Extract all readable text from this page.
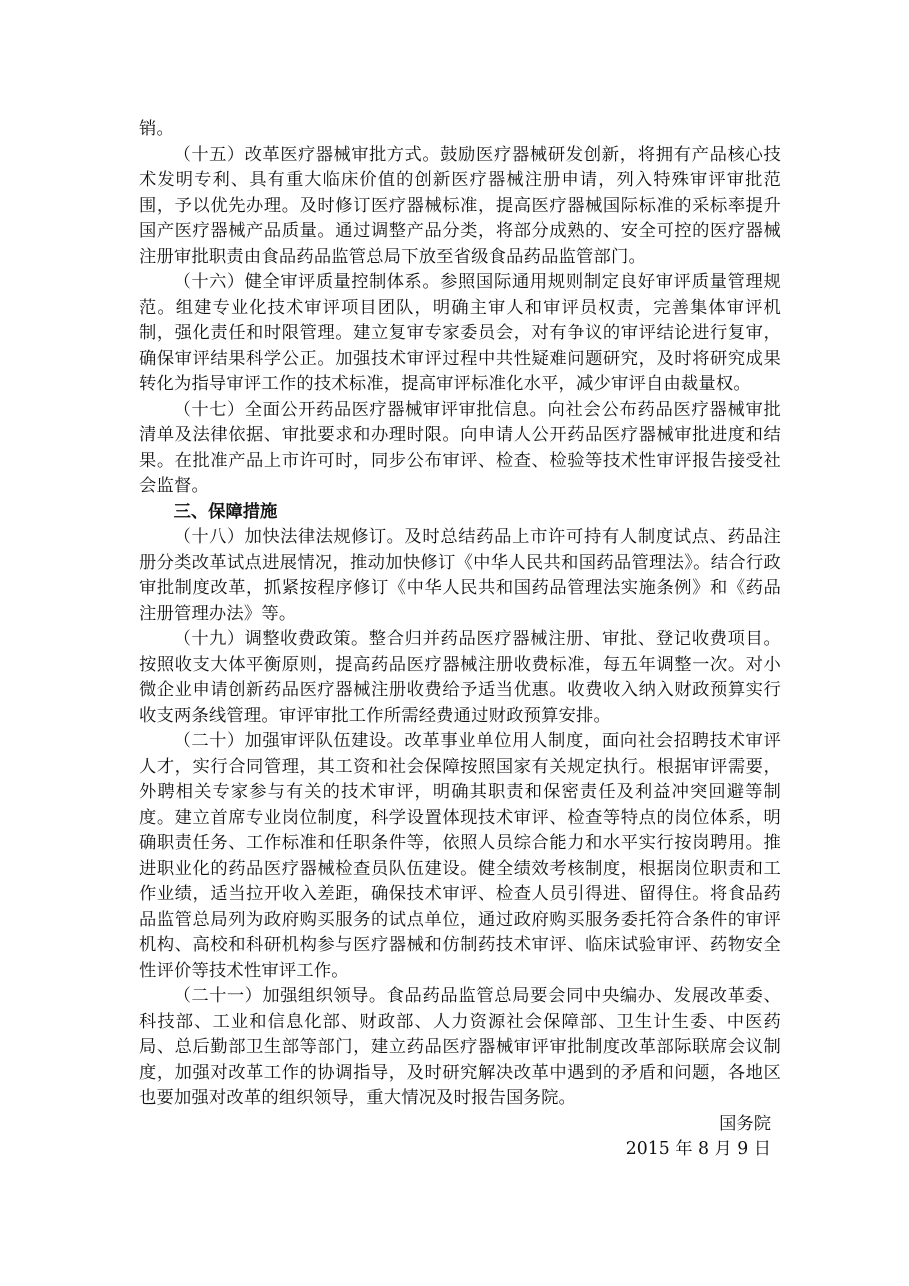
销。

（十五）改革医疗器械审批方式。鼓励医疗器械研发创新，将拥有产品核心技术发明专利、具有重大临床价值的创新医疗器械注册申请，列入特殊审评审批范围，予以优先办理。及时修订医疗器械标准，提高医疗器械国际标准的采标率提升国产医疗器械产品质量。通过调整产品分类，将部分成熟的、安全可控的医疗器械注册审批职责由食品药品监管总局下放至省级食品药品监管部门。

（十六）健全审评质量控制体系。参照国际通用规则制定良好审评质量管理规范。组建专业化技术审评项目团队，明确主审人和审评员权责，完善集体审评机制，强化责任和时限管理。建立复审专家委员会，对有争议的审评结论进行复审，确保审评结果科学公正。加强技术审评过程中共性疑难问题研究，及时将研究成果转化为指导审评工作的技术标准，提高审评标准化水平，减少审评自由裁量权。

（十七）全面公开药品医疗器械审评审批信息。向社会公布药品医疗器械审批清单及法律依据、审批要求和办理时限。向申请人公开药品医疗器械审批进度和结果。在批准产品上市许可时，同步公布审评、检查、检验等技术性审评报告接受社会监督。

三、保障措施

（十八）加快法律法规修订。及时总结药品上市许可持有人制度试点、药品注册分类改革试点进展情况，推动加快修订《中华人民共和国药品管理法》。结合行政审批制度改革，抓紧按程序修订《中华人民共和国药品管理法实施条例》和《药品注册管理办法》等。

（十九）调整收费政策。整合归并药品医疗器械注册、审批、登记收费项目。按照收支大体平衡原则，提高药品医疗器械注册收费标准，每五年调整一次。对小微企业申请创新药品医疗器械注册收费给予适当优惠。收费收入纳入财政预算实行收支两条线管理。审评审批工作所需经费通过财政预算安排。

（二十）加强审评队伍建设。改革事业单位用人制度，面向社会招聘技术审评人才，实行合同管理，其工资和社会保障按照国家有关规定执行。根据审评需要，外聘相关专家参与有关的技术审评，明确其职责和保密责任及利益冲突回避等制度。建立首席专业岗位制度，科学设置体现技术审评、检查等特点的岗位体系，明确职责任务、工作标准和任职条件等，依照人员综合能力和水平实行按岗聘用。推进职业化的药品医疗器械检查员队伍建设。健全绩效考核制度，根据岗位职责和工作业绩，适当拉开收入差距，确保技术审评、检查人员引得进、留得住。将食品药品监管总局列为政府购买服务的试点单位，通过政府购买服务委托符合条件的审评机构、高校和科研机构参与医疗器械和仿制药技术审评、临床试验审评、药物安全性评价等技术性审评工作。

（二十一）加强组织领导。食品药品监管总局要会同中央编办、发展改革委、科技部、工业和信息化部、财政部、人力资源社会保障部、卫生计生委、中医药局、总后勤部卫生部等部门，建立药品医疗器械审评审批制度改革部际联席会议制度，加强对改革工作的协调指导，及时研究解决改革中遇到的矛盾和问题，各地区也要加强对改革的组织领导，重大情况及时报告国务院。

国务院

2015 年 8 月 9 日
